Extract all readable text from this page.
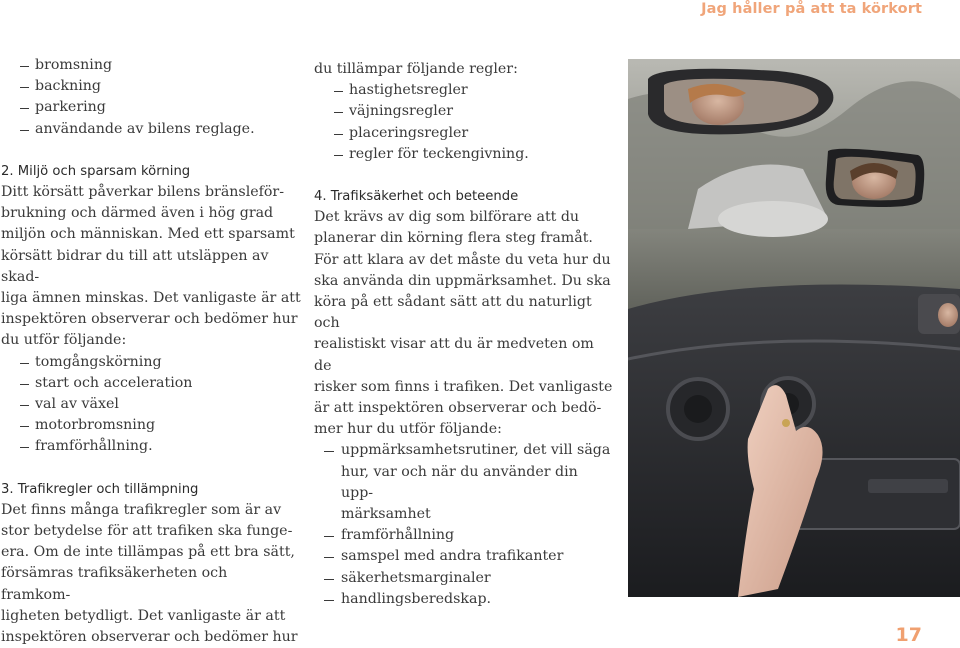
Jag håller på att ta körkort
bromsning
backning
parkering
användande av bilens reglage.

2. Miljö och sparsam körning

Ditt körsätt påverkar bilens bränsleför-

brukning och därmed även i hög grad

miljön och människan. Med ett sparsamt

körsätt bidrar du till att utsläppen av skad-

liga ämnen minskas. Det vanligaste är att

inspektören observerar och bedömer hur

du utför följande:

tomgångskörning
start och acceleration
val av växel
motorbromsning
framförhållning.

3. Trafikregler och tillämpning

Det finns många trafikregler som är av

stor betydelse för att trafiken ska funge-

era. Om de inte tillämpas på ett bra sätt,

försämras trafiksäkerheten och framkom-

ligheten betydligt. Det vanligaste är att

inspektören observerar och bedömer hur

du tillämpar följande regler:

hastighetsregler
väjningsregler
placeringsregler
regler för teckengivning.

4. Trafiksäkerhet och beteende

Det krävs av dig som bilförare att du

planerar din körning flera steg framåt.

För att klara av det måste du veta hur du

ska använda din uppmärksamhet. Du ska

köra på ett sådant sätt att du naturligt och

realistiskt visar att du är medveten om de

risker som finns i trafiken. Det vanligaste

är att inspektören observerar och bedö-

mer hur du utför följande:

uppmärksamhetsrutiner, det vill säga
hur, var och när du använder din upp-
märksamhet
framförhållning
samspel med andra trafikanter
säkerhetsmarginaler
handlingsberedskap.
17
